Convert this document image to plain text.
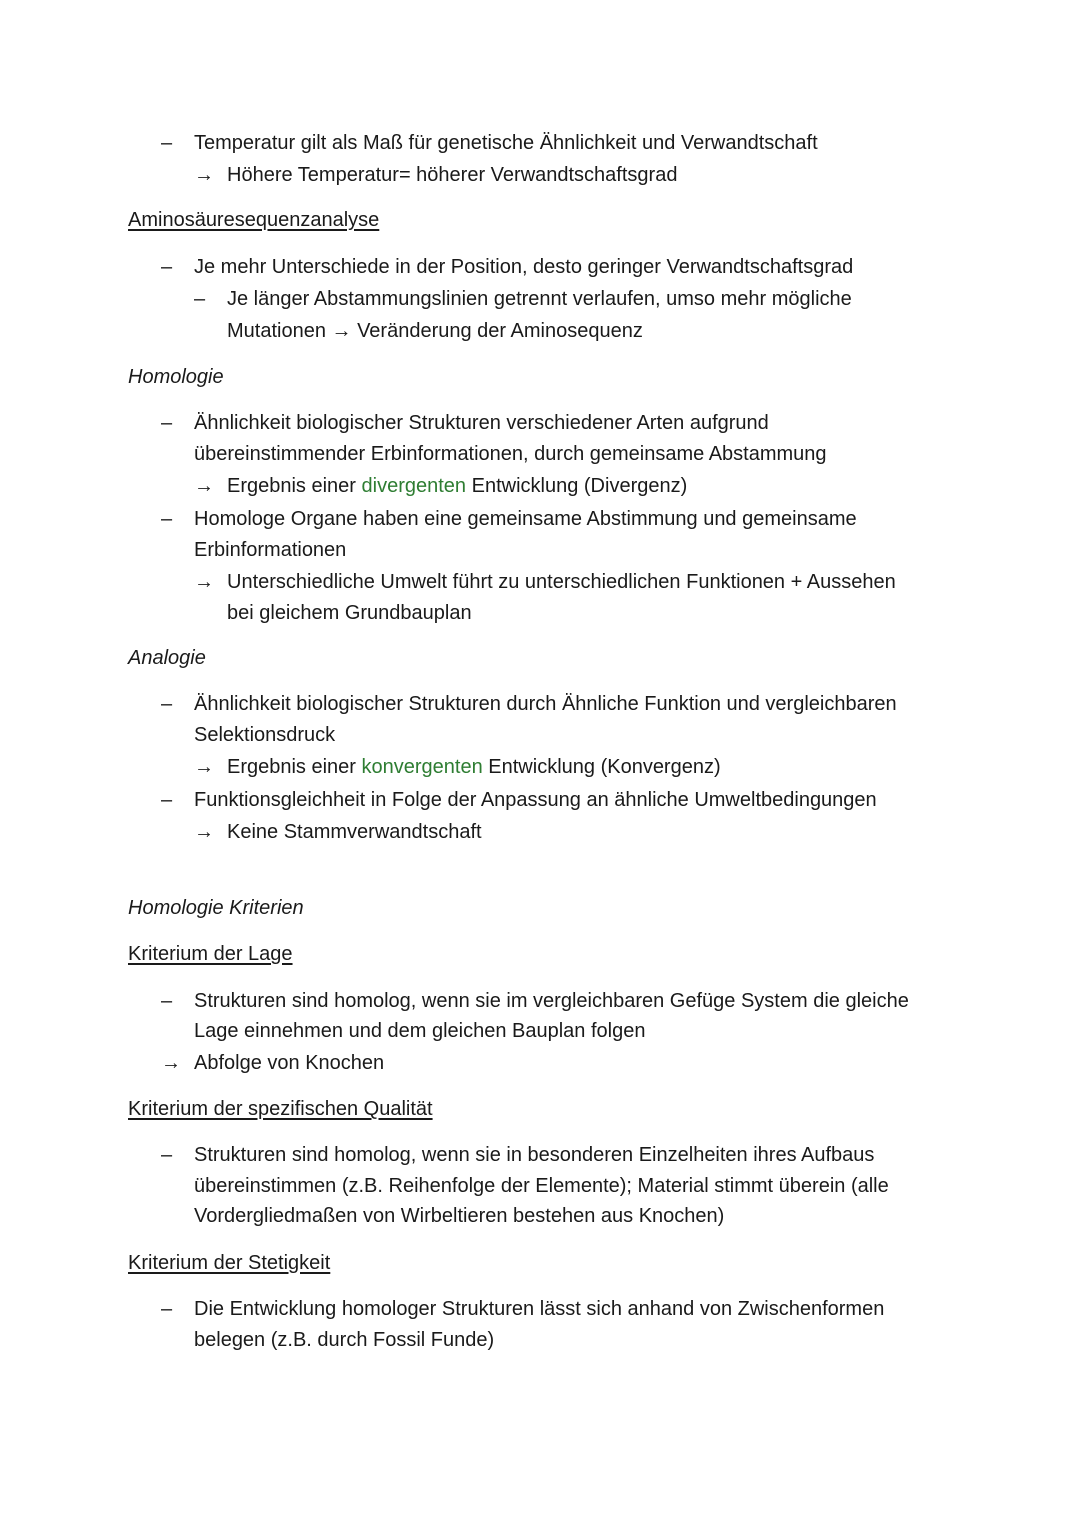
– Temperatur gilt als Maß für genetische Ähnlichkeit und Verwandtschaft
→ Höhere Temperatur= höherer Verwandtschaftsgrad
Aminosäuresequenzanalyse
– Je mehr Unterschiede in der Position, desto geringer Verwandtschaftsgrad
– Je länger Abstammungslinien getrennt verlaufen, umso mehr mögliche
Mutationen → Veränderung der Aminosequenz
Homologie
– Ähnlichkeit biologischer Strukturen verschiedener Arten aufgrund
übereinstimmender Erbinformationen, durch gemeinsame Abstammung
→ Ergebnis einer divergenten Entwicklung (Divergenz)
– Homologe Organe haben eine gemeinsame Abstimmung und gemeinsame
Erbinformationen
→ Unterschiedliche Umwelt führt zu unterschiedlichen Funktionen + Aussehen
bei gleichem Grundbauplan
Analogie
– Ähnlichkeit biologischer Strukturen durch Ähnliche Funktion und vergleichbaren
Selektionsdruck
→ Ergebnis einer konvergenten Entwicklung (Konvergenz)
– Funktionsgleichheit in Folge der Anpassung an ähnliche Umweltbedingungen
→ Keine Stammverwandtschaft
Homologie Kriterien
Kriterium der Lage
– Strukturen sind homolog, wenn sie im vergleichbaren Gefüge System die gleiche
Lage einnehmen und dem gleichen Bauplan folgen
→ Abfolge von Knochen
Kriterium der spezifischen Qualität
– Strukturen sind homolog, wenn sie in besonderen Einzelheiten ihres Aufbaus
übereinstimmen (z.B. Reihenfolge der Elemente); Material stimmt überein (alle
Vordergliedmaßen von Wirbeltieren bestehen aus Knochen)
Kriterium der Stetigkeit
– Die Entwicklung homologer Strukturen lässt sich anhand von Zwischenformen
belegen (z.B. durch Fossil Funde)
